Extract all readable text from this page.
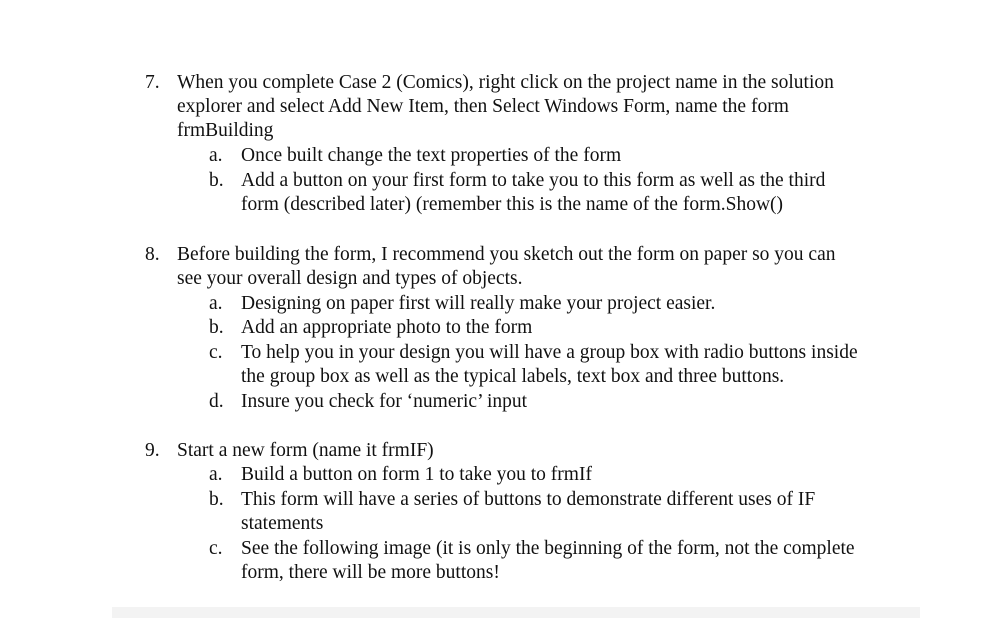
7. When you complete Case 2 (Comics), right click on the project name in the solution
explorer and select Add New Item, then Select Windows Form, name the form
frmBuilding
a. Once built change the text properties of the form
b. Add a button on your first form to take you to this form as well as the third
form (described later) (remember this is the name of the form.Show()
8. Before building the form, I recommend you sketch out the form on paper so you can
see your overall design and types of objects.
a. Designing on paper first will really make your project easier.
b. Add an appropriate photo to the form
c. To help you in your design you will have a group box with radio buttons inside
the group box as well as the typical labels, text box and three buttons.
d. Insure you check for ‘numeric’ input
9. Start a new form (name it frmIF)
a. Build a button on form 1 to take you to frmIf
b. This form will have a series of buttons to demonstrate different uses of IF
statements
c. See the following image (it is only the beginning of the form, not the complete
form, there will be more buttons!
